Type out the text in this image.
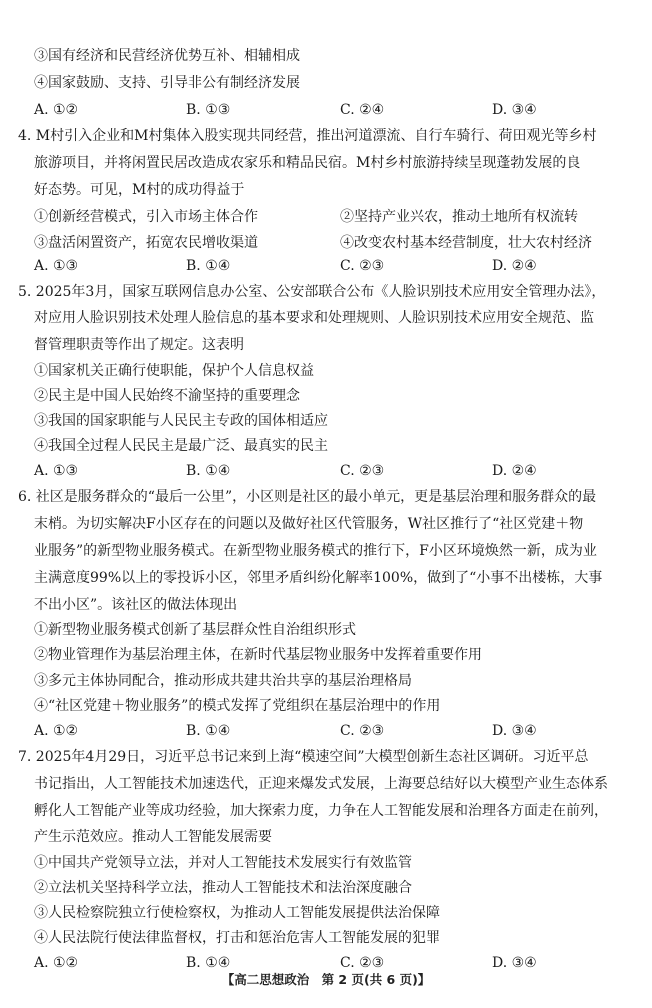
③国有经济和民营经济优势互补、相辅相成
④国家鼓励、支持、引导非公有制经济发展
A. ①②	B. ①③	C. ②④	D. ③④
4. M村引入企业和M村集体入股实现共同经营，推出河道漂流、自行车骑行、荷田观光等乡村
旅游项目，并将闲置民居改造成农家乐和精品民宿。M村乡村旅游持续呈现蓬勃发展的良
好态势。可见，M村的成功得益于
①创新经营模式，引入市场主体合作	②坚持产业兴农，推动土地所有权流转
③盘活闲置资产，拓宽农民增收渠道	④改变农村基本经营制度，壮大农村经济
A. ①③	B. ①④	C. ②③	D. ②④
5. 2025年3月，国家互联网信息办公室、公安部联合公布《人脸识别技术应用安全管理办法》，
对应用人脸识别技术处理人脸信息的基本要求和处理规则、人脸识别技术应用安全规范、监
督管理职责等作出了规定。这表明
①国家机关正确行使职能，保护个人信息权益
②民主是中国人民始终不渝坚持的重要理念
③我国的国家职能与人民民主专政的国体相适应
④我国全过程人民民主是最广泛、最真实的民主
A. ①③	B. ①④	C. ②③	D. ②④
6. 社区是服务群众的“最后一公里”，小区则是社区的最小单元，更是基层治理和服务群众的最
末梢。为切实解决F小区存在的问题以及做好社区代管服务，W社区推行了“社区党建＋物
业服务”的新型物业服务模式。在新型物业服务模式的推行下，F小区环境焕然一新，成为业
主满意度99%以上的零投诉小区，邻里矛盾纠纷化解率100%，做到了“小事不出楼栋，大事
不出小区”。该社区的做法体现出
①新型物业服务模式创新了基层群众性自治组织形式
②物业管理作为基层治理主体，在新时代基层物业服务中发挥着重要作用
③多元主体协同配合，推动形成共建共治共享的基层治理格局
④“社区党建＋物业服务”的模式发挥了党组织在基层治理中的作用
A. ①②	B. ①④	C. ②③	D. ③④
7. 2025年4月29日，习近平总书记来到上海“模速空间”大模型创新生态社区调研。习近平总
书记指出，人工智能技术加速迭代，正迎来爆发式发展，上海要总结好以大模型产业生态体系
孵化人工智能产业等成功经验，加大探索力度，力争在人工智能发展和治理各方面走在前列，
产生示范效应。推动人工智能发展需要
①中国共产党领导立法，并对人工智能技术发展实行有效监管
②立法机关坚持科学立法，推动人工智能技术和法治深度融合
③人民检察院独立行使检察权，为推动人工智能发展提供法治保障
④人民法院行使法律监督权，打击和惩治危害人工智能发展的犯罪
A. ①②	B. ①④	C. ②③	D. ③④
【高二思想政治 第 2 页(共 6 页)】
